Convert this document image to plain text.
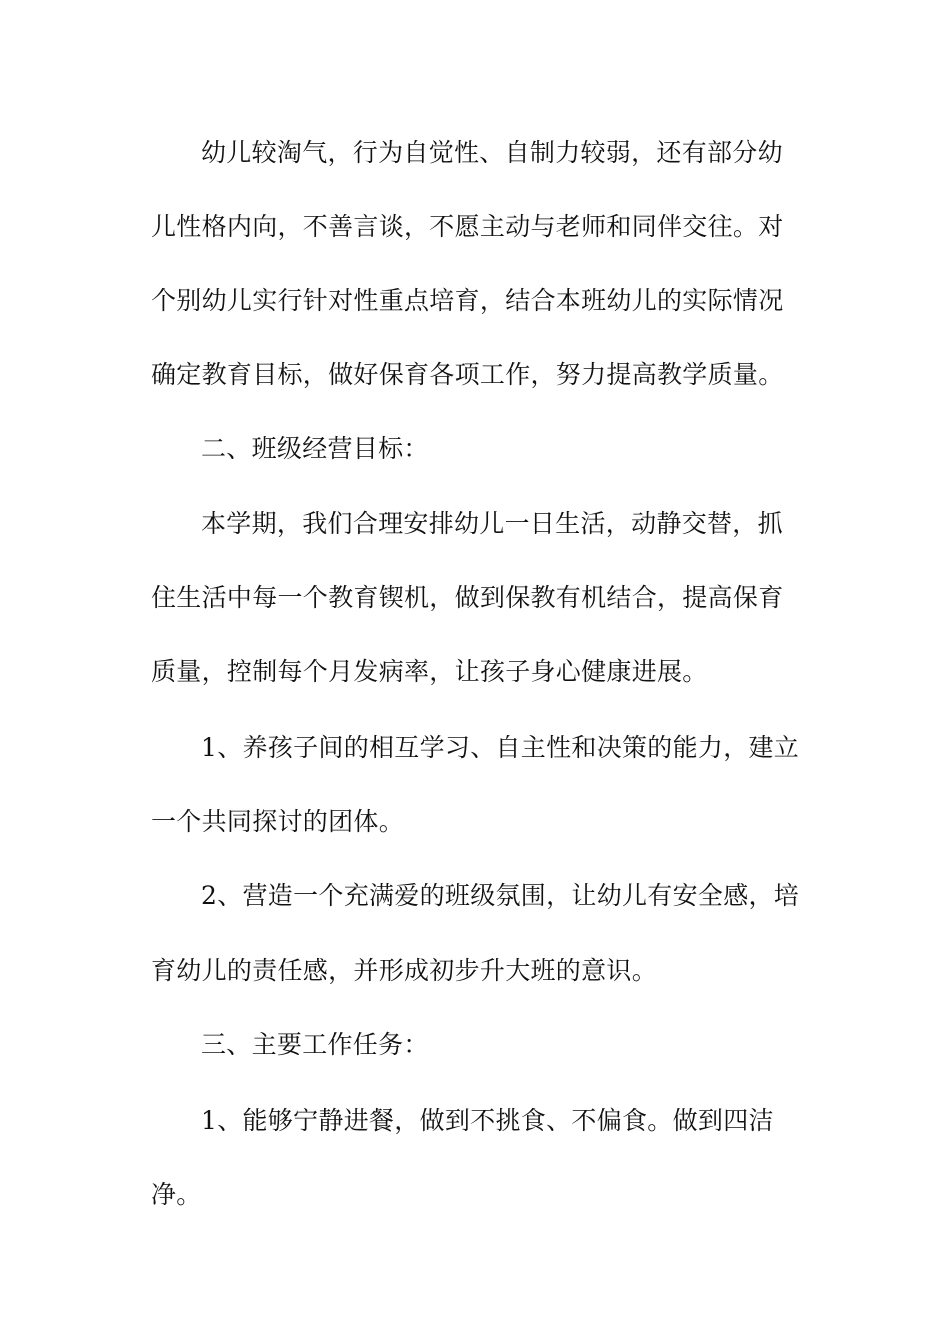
幼儿较淘气，行为自觉性、自制力较弱，还有部分幼
儿性格内向，不善言谈，不愿主动与老师和同伴交往。对
个别幼儿实行针对性重点培育，结合本班幼儿的实际情况
确定教育目标，做好保育各项工作，努力提高教学质量。
二、班级经营目标：
本学期，我们合理安排幼儿一日生活，动静交替，抓
住生活中每一个教育锲机，做到保教有机结合，提高保育
质量，控制每个月发病率，让孩子身心健康进展。
1、养孩子间的相互学习、自主性和决策的能力，建立
一个共同探讨的团体。
2、营造一个充满爱的班级氛围，让幼儿有安全感，培
育幼儿的责任感，并形成初步升大班的意识。
三、主要工作任务：
1、能够宁静进餐，做到不挑食、不偏食。做到四洁
净。
